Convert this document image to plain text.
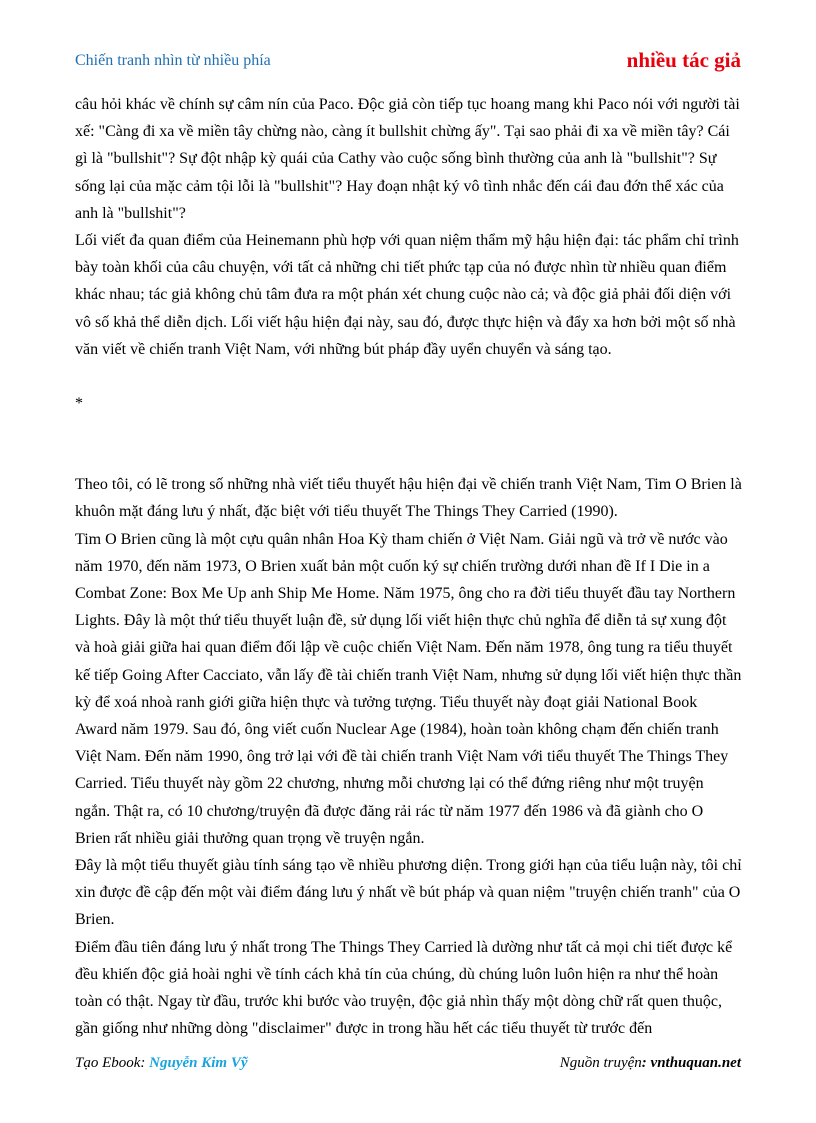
Chiến tranh nhìn từ nhiều phía	nhiều tác giả

câu hỏi khác về chính sự câm nín của Paco. Độc giả còn tiếp tục hoang mang khi Paco nói với người tài xế: "Càng đi xa về miền tây chừng nào, càng ít bullshit chừng ấy". Tại sao phải đi xa về miền tây? Cái gì là "bullshit"? Sự đột nhập kỳ quái của Cathy vào cuộc sống bình thường của anh là "bullshit"? Sự sống lại của mặc cảm tội lỗi là "bullshit"? Hay đoạn nhật ký vô tình nhắc đến cái đau đớn thể xác của anh là "bullshit"?

Lối viết đa quan điểm của Heinemann phù hợp với quan niệm thẩm mỹ hậu hiện đại: tác phẩm chỉ trình bày toàn khối của câu chuyện, với tất cả những chi tiết phức tạp của nó được nhìn từ nhiều quan điểm khác nhau; tác giả không chủ tâm đưa ra một phán xét chung cuộc nào cả; và độc giả phải đối diện với vô số khả thể diễn dịch. Lối viết hậu hiện đại này, sau đó, được thực hiện và đẩy xa hơn bởi một số nhà văn viết về chiến tranh Việt Nam, với những bút pháp đầy uyển chuyển và sáng tạo.

*

Theo tôi, có lẽ trong số những nhà viết tiểu thuyết hậu hiện đại về chiến tranh Việt Nam, Tim O Brien là khuôn mặt đáng lưu ý nhất, đặc biệt với tiểu thuyết The Things They Carried (1990).

Tim O Brien cũng là một cựu quân nhân Hoa Kỳ tham chiến ở Việt Nam. Giải ngũ và trở về nước vào năm 1970, đến năm 1973, O Brien xuất bản một cuốn ký sự chiến trường dưới nhan đề If I Die in a Combat Zone: Box Me Up anh Ship Me Home. Năm 1975, ông cho ra đời tiểu thuyết đầu tay Northern Lights. Đây là một thứ tiểu thuyết luận đề, sử dụng lối viết hiện thực chủ nghĩa để diễn tả sự xung đột và hoà giải giữa hai quan điểm đối lập về cuộc chiến Việt Nam. Đến năm 1978, ông tung ra tiểu thuyết kế tiếp Going After Cacciato, vẫn lấy đề tài chiến tranh Việt Nam, nhưng sử dụng lối viết hiện thực thần kỳ để xoá nhoà ranh giới giữa hiện thực và tưởng tượng. Tiểu thuyết này đoạt giải National Book Award năm 1979. Sau đó, ông viết cuốn Nuclear Age (1984), hoàn toàn không chạm đến chiến tranh Việt Nam. Đến năm 1990, ông trở lại với đề tài chiến tranh Việt Nam với tiểu thuyết The Things They Carried. Tiểu thuyết này gồm 22 chương, nhưng mỗi chương lại có thể đứng riêng như một truyện ngắn. Thật ra, có 10 chương/truyện đã được đăng rải rác từ năm 1977 đến 1986 và đã giành cho O Brien rất nhiều giải thưởng quan trọng về truyện ngắn.

Đây là một tiểu thuyết giàu tính sáng tạo về nhiều phương diện. Trong giới hạn của tiểu luận này, tôi chỉ xin được đề cập đến một vài điểm đáng lưu ý nhất về bút pháp và quan niệm "truyện chiến tranh" của O Brien.

Điểm đầu tiên đáng lưu ý nhất trong The Things They Carried là dường như tất cả mọi chi tiết được kể đều khiến độc giả hoài nghi về tính cách khả tín của chúng, dù chúng luôn luôn hiện ra như thể hoàn toàn có thật. Ngay từ đầu, trước khi bước vào truyện, độc giả nhìn thấy một dòng chữ rất quen thuộc, gần giống như những dòng "disclaimer" được in trong hầu hết các tiểu thuyết từ trước đến

Tạo Ebook: Nguyễn Kim Vỹ	Nguồn truyện: vnthuquan.net
